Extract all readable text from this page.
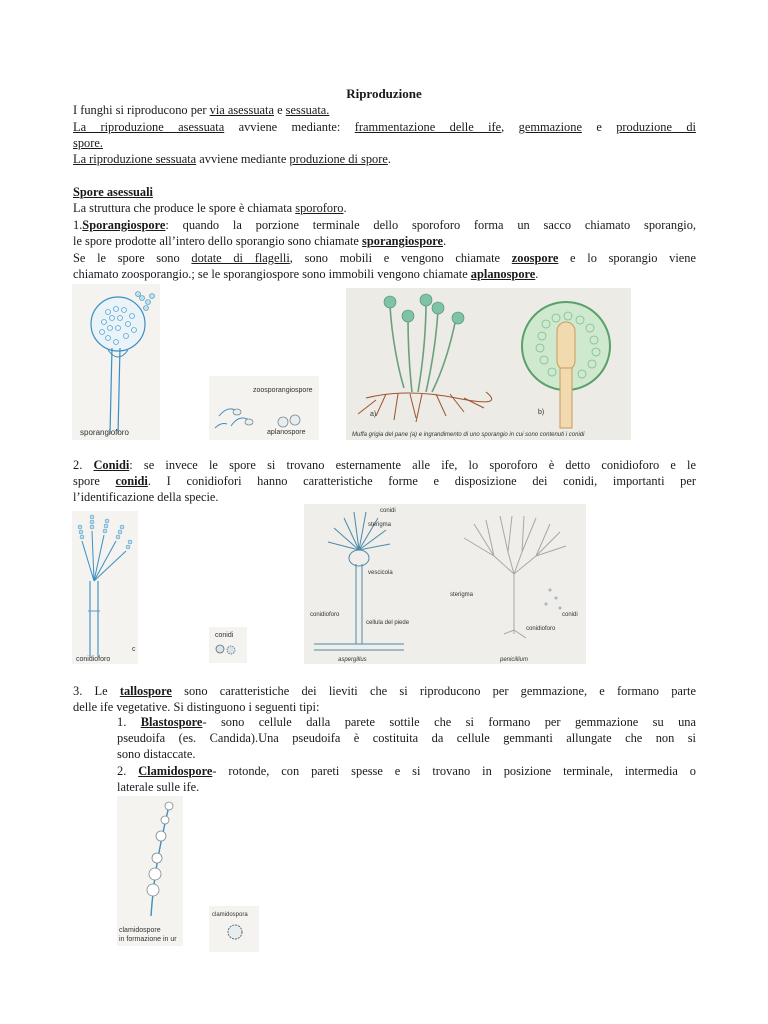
Riproduzione
I funghi si riproducono per via asessuata e sessuata.
La riproduzione asessuata avviene mediante: frammentazione delle ife, gemmazione e produzione di
spore.
La riproduzione sessuata avviene mediante produzione di spore.
Spore asessuali
La struttura che produce le spore è chiamata sporoforo.
1.Sporangiospore: quando la porzione terminale dello sporoforo forma un sacco chiamato sporangio,
le spore prodotte all’intero dello sporangio sono chiamate sporangiospore.
Se le spore sono dotate di flagelli, sono mobili e vengono chiamate zoospore e lo sporangio viene
chiamato zoosporangio.; se le sporangiospore sono immobili vengono chiamate aplanospore.
sporangioforo
zoosporangiospore
aplanospore
a)	b)
Muffa grigia del pane (a) e ingrandimento di uno sporangio in cui sono contenuti i conidi
2. Conidi: se invece le spore si trovano esternamente alle ife, lo sporoforo è detto conidioforo e le
spore conidi. I conidiofori hanno caratteristiche forme e disposizione dei conidi, importanti per
l’identificazione della specie.
conidioforo
c
conidi
conidi
sterigma
vescicola
conidioforo
cellula del piede
aspergillus
sterigma
conidi
conidioforo
penicillium
3. Le tallospore sono caratteristiche dei lieviti che si riproducono per gemmazione, e formano parte
delle ife vegetative. Si distinguono i seguenti tipi:
1. Blastospore- sono cellule dalla parete sottile che si formano per gemmazione su una
pseudoifa (es. Candida).Una pseudoifa è costituita da cellule gemmanti allungate che non si
sono distaccate.
2. Clamidospore- rotonde, con pareti spesse e si trovano in posizione terminale, intermedia o
laterale sulle ife.
clamidospore
in formazione in ur
clamidospora
